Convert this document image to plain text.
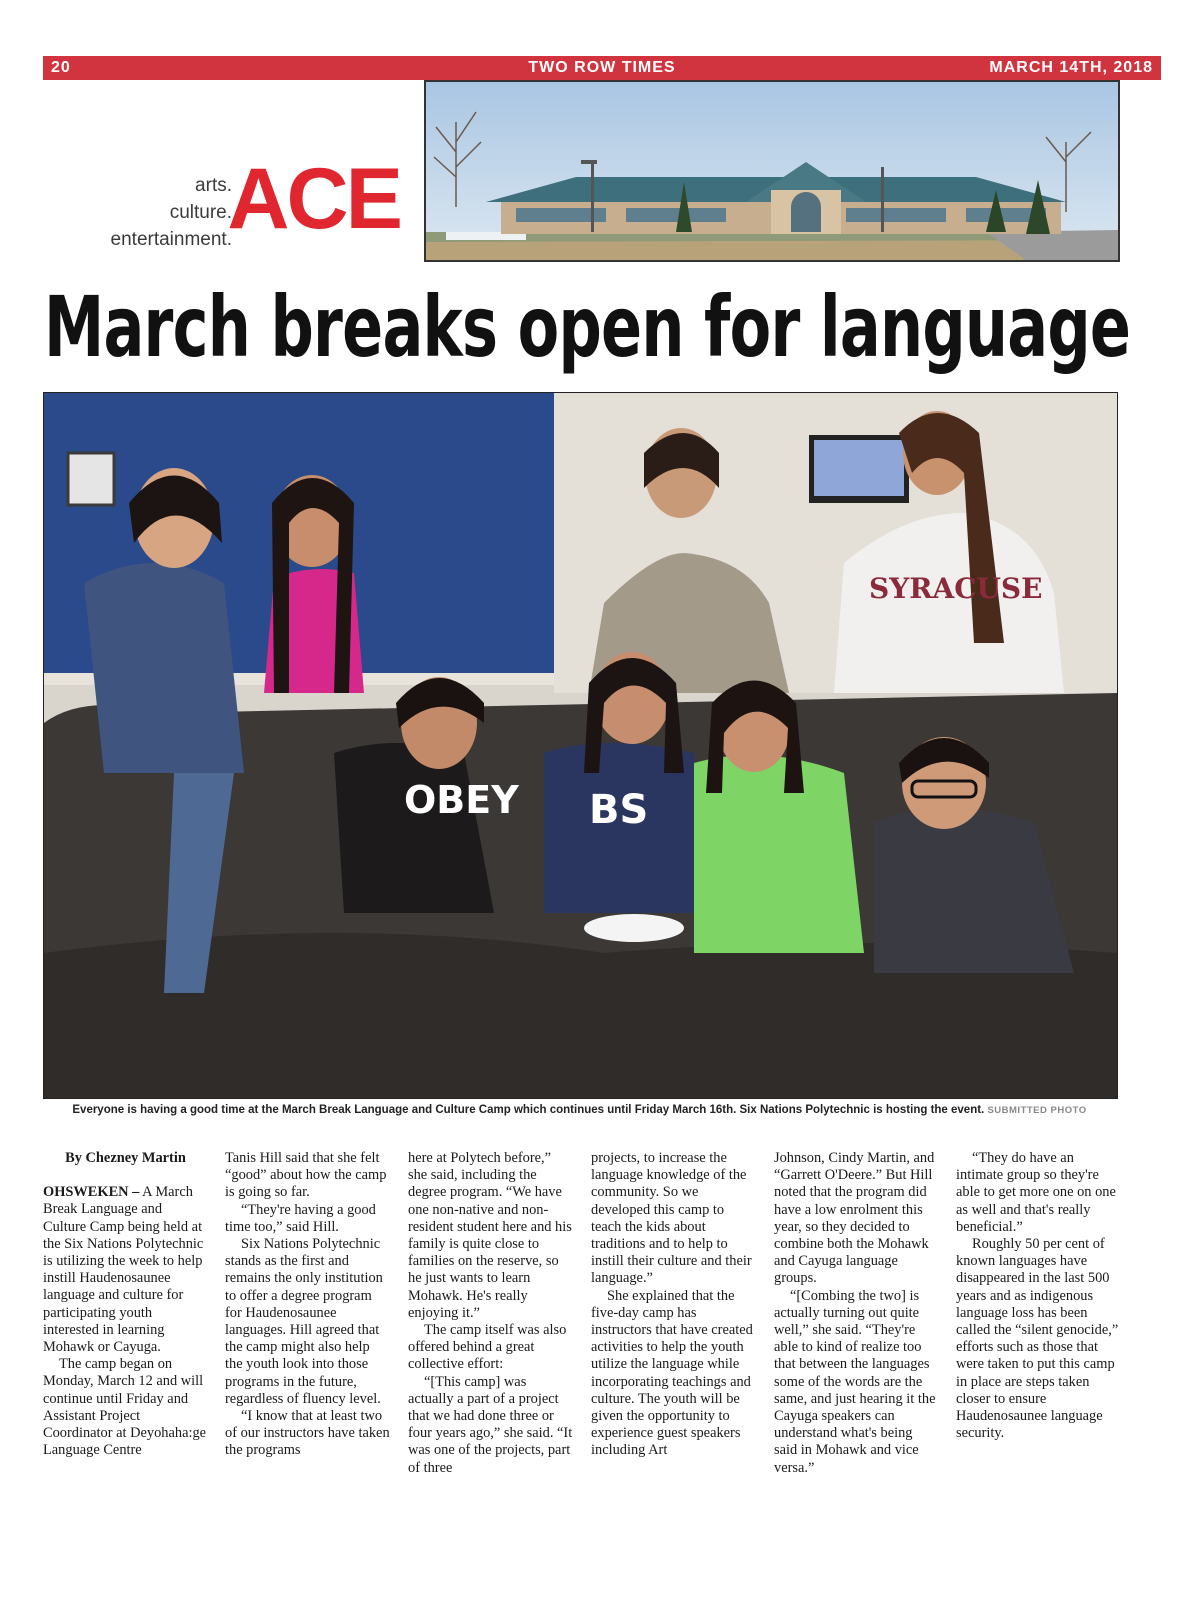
20	TWO ROW TIMES	MARCH 14TH, 2018
arts.
culture.
entertainment.
ACE
March breaks open for language
OBEY BS
SYRACUSE
Everyone is having a good time at the March Break Language and Culture Camp which continues until Friday March 16th. Six Nations Polytechnic is hosting the event. SUBMITTED PHOTO

By Chezney Martin

OHSWEKEN – A March Break Language and Culture Camp being held at the Six Nations Polytechnic is utilizing the week to help instill Haudenosaunee language and culture for participating youth interested in learning Mohawk or Cayuga.

The camp began on Monday, March 12 and will continue until Friday and Assistant Project Coordinator at Deyohaha:ge Language Centre

Tanis Hill said that she felt “good” about how the camp is going so far.

“They're having a good time too,” said Hill.

Six Nations Polytechnic stands as the first and remains the only institution to offer a degree program for Haudenosaunee languages. Hill agreed that the camp might also help the youth look into those programs in the future, regardless of fluency level.

“I know that at least two of our instructors have taken the programs

here at Polytech before,” she said, including the degree program. “We have one non-native and non-resident student here and his family is quite close to families on the reserve, so he just wants to learn Mohawk. He's really enjoying it.”

The camp itself was also offered behind a great collective effort:

“[This camp] was actually a part of a project that we had done three or four years ago,” she said. “It was one of the projects, part of three

projects, to increase the language knowledge of the community. So we developed this camp to teach the kids about traditions and to help to instill their culture and their language.”

She explained that the five-day camp has instructors that have created activities to help the youth utilize the language while incorporating teachings and culture. The youth will be given the opportunity to experience guest speakers including Art

Johnson, Cindy Martin, and “Garrett O'Deere.” But Hill noted that the program did have a low enrolment this year, so they decided to combine both the Mohawk and Cayuga language groups.

“[Combing the two] is actually turning out quite well,” she said. “They're able to kind of realize too that between the languages some of the words are the same, and just hearing it the Cayuga speakers can understand what's being said in Mohawk and vice versa.”

“They do have an intimate group so they're able to get more one on one as well and that's really beneficial.”

Roughly 50 per cent of known languages have disappeared in the last 500 years and as indigenous language loss has been called the “silent genocide,” efforts such as those that were taken to put this camp in place are steps taken closer to ensure Haudenosaunee language security.
